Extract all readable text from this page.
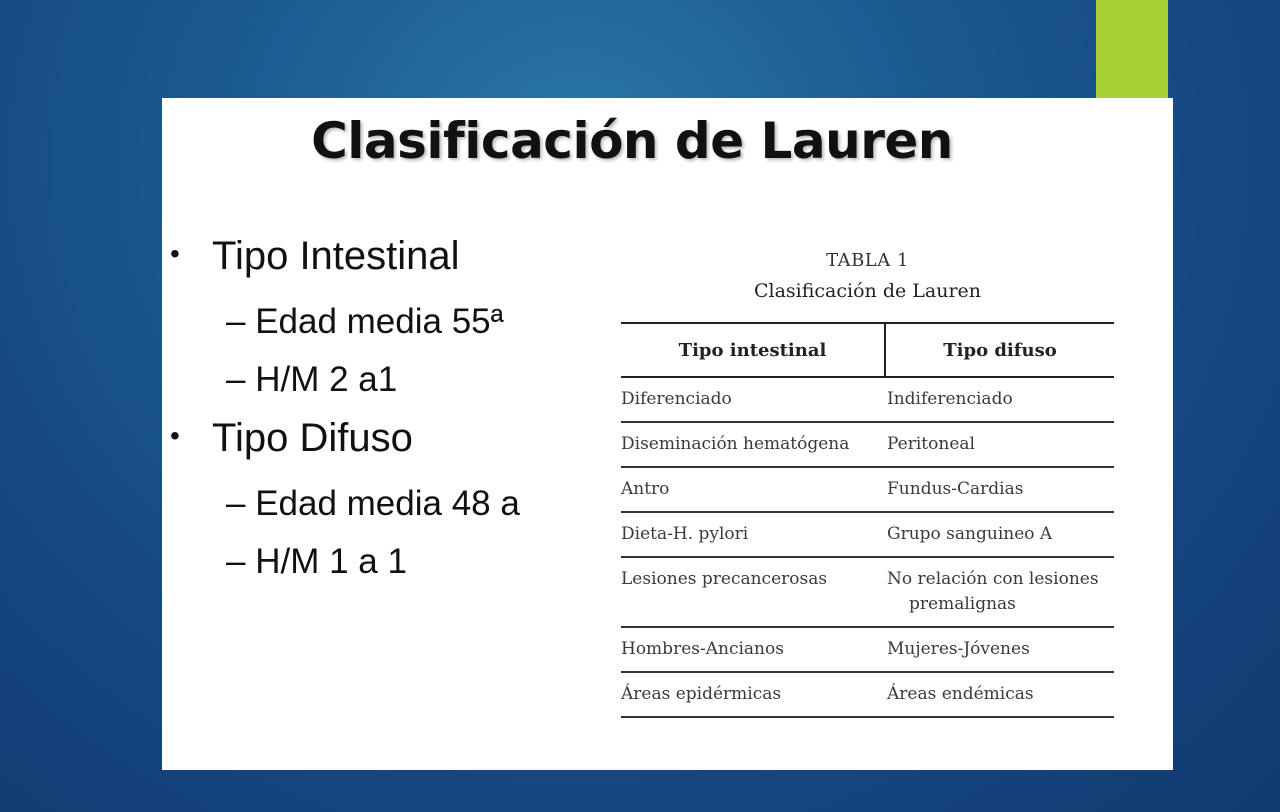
Clasificación de Lauren
• Tipo Intestinal
– Edad media 55ª
– H/M 2 a1
• Tipo Difuso
– Edad media 48 a
– H/M 1 a 1
TABLA 1
Clasificación de Lauren
Tipo intestinal	Tipo difuso
Diferenciado	Indiferenciado
Diseminación hematógena	Peritoneal
Antro	Fundus-Cardias
Dieta-H. pylori	Grupo sanguineo A
Lesiones precancerosas	No relación con lesiones
premalignas

Hombres-Ancianos	Mujeres-Jóvenes
Áreas epidérmicas	Áreas endémicas
